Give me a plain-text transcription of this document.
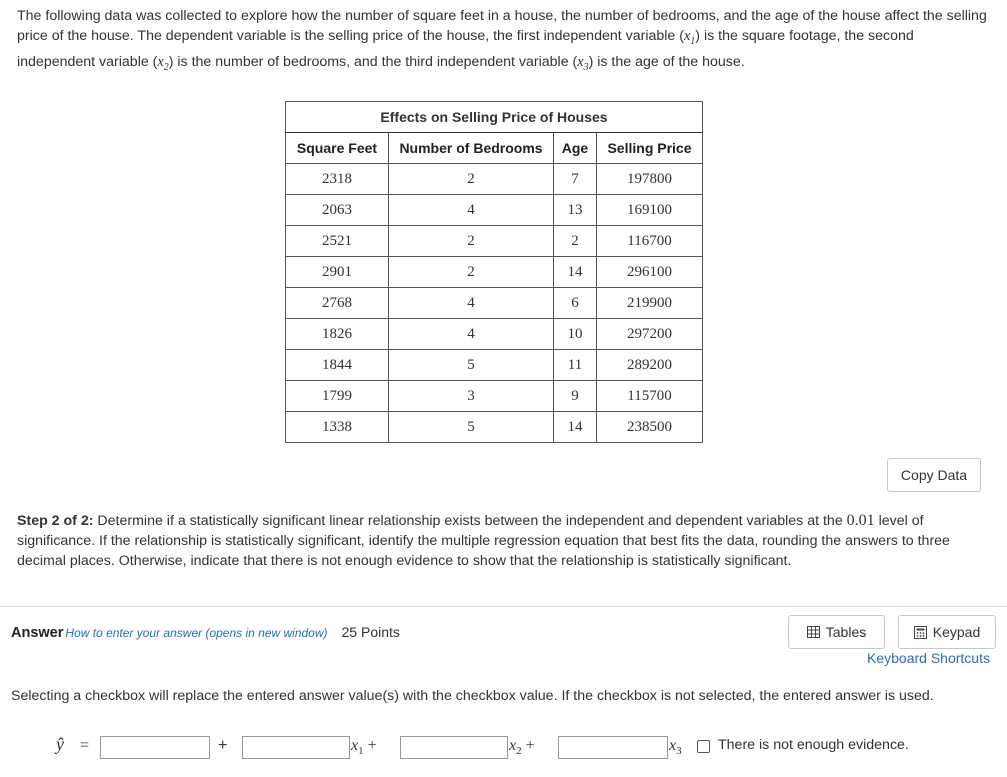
The following data was collected to explore how the number of square feet in a house, the number of bedrooms, and the age of the house affect the selling price of the house. The dependent variable is the selling price of the house, the first independent variable $(x_1)$ is the square footage, the second independent variable $(x_2)$ is the number of bedrooms, and the third independent variable $(x_3)$ is the age of the house.
Effects on Selling Price of Houses			
Square Feet	Number of Bedrooms	Age	Selling Price
2318	2	7	197800
2063	4	13	169100
2521	2	2	116700
2901	2	14	296100
2768	4	6	219900
1826	4	10	297200
1844	5	11	289200
1799	3	9	115700
1338	5	14	238500
Copy Data
Step 2 of 2: Determine if a statistically significant linear relationship exists between the independent and dependent variables at the 0.01 level of significance. If the relationship is statistically significant, identify the multiple regression equation that best fits the data, rounding the answers to three decimal places. Otherwise, indicate that there is not enough evidence to show that the relationship is statistically significant.
Answer How to enter your answer (opens in new window) 25 Points	Tables	Keypad
Keyboard Shortcuts
Selecting a checkbox will replace the entered answer value(s) with the checkbox value. If the checkbox is not selected, the entered answer is used.
ŷ =	+	$x_1$ +	$x_2$ +	$x_3$	There is not enough evidence.
